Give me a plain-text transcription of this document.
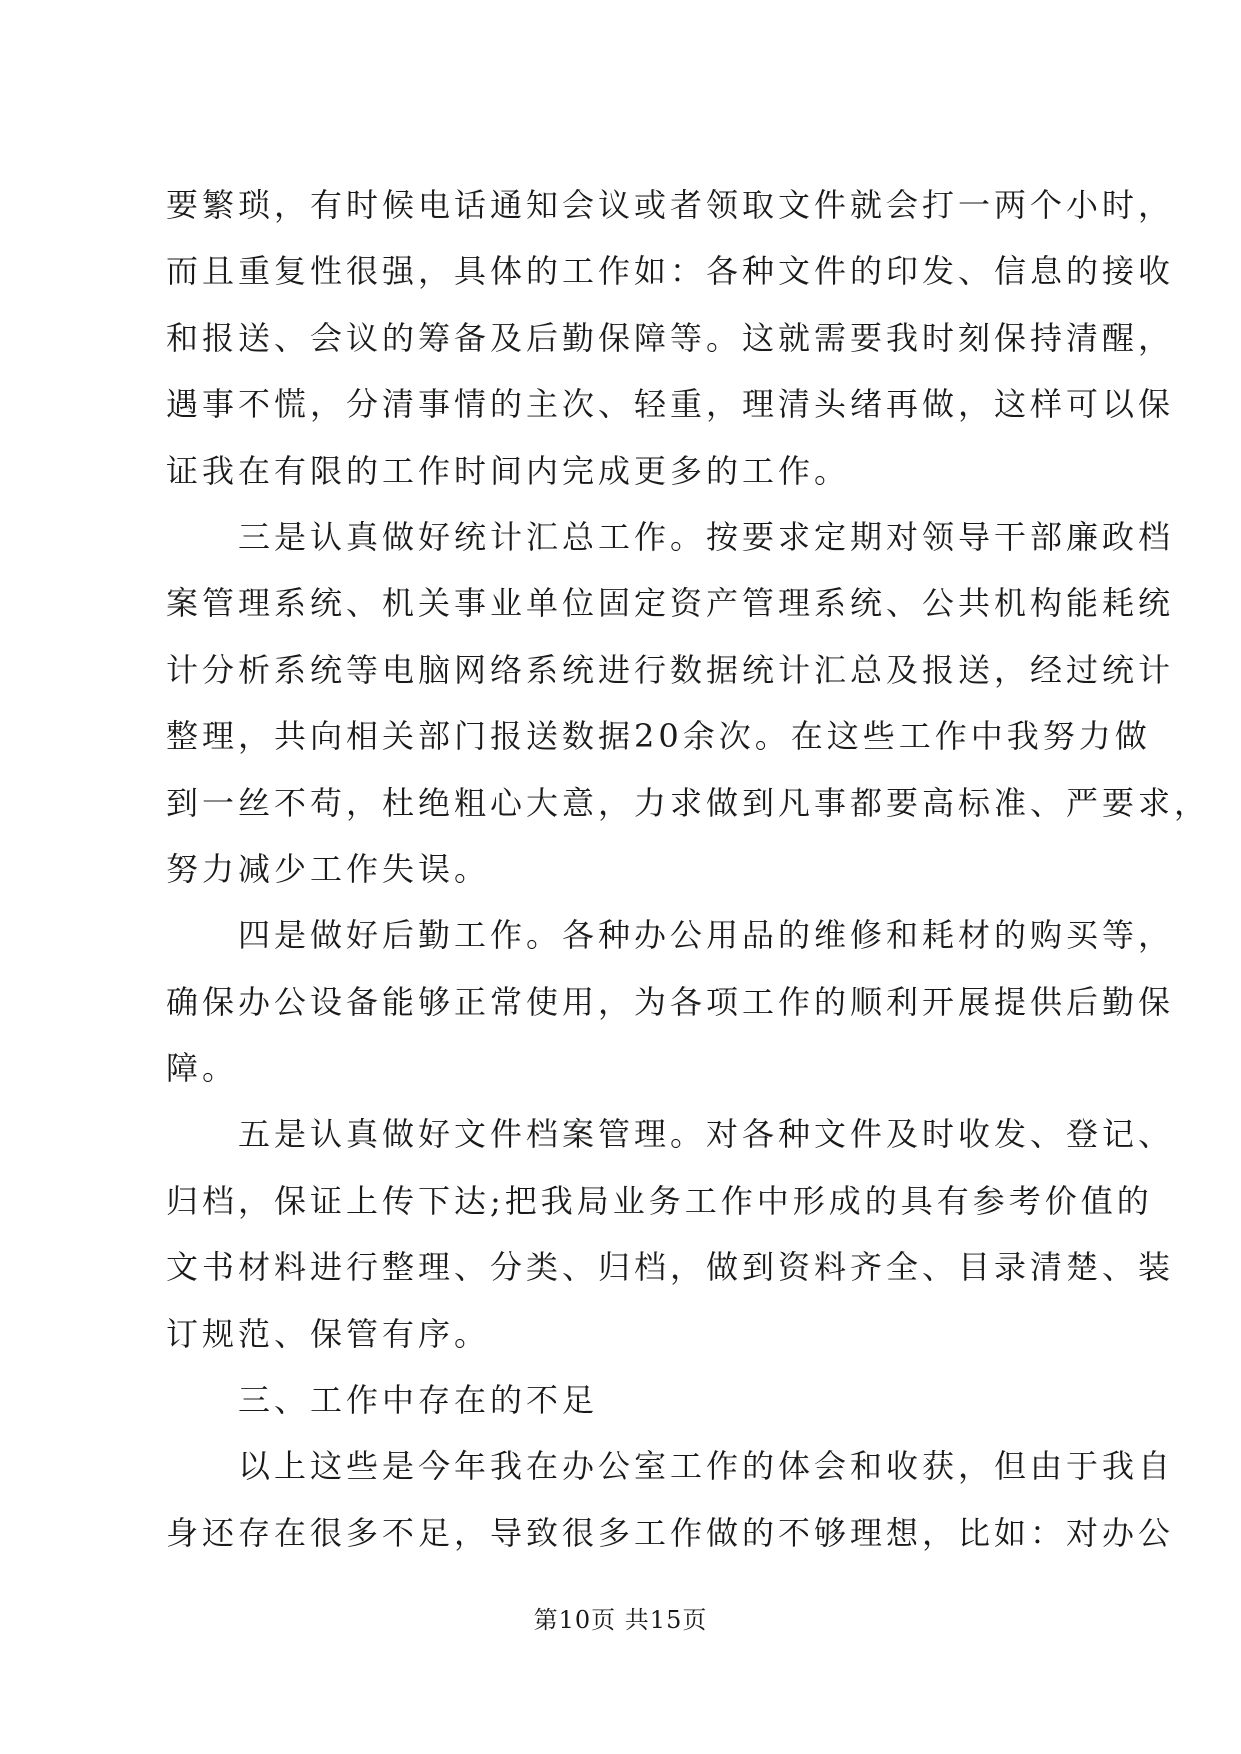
要繁琐，有时候电话通知会议或者领取文件就会打一两个小时，
而且重复性很强，具体的工作如：各种文件的印发、信息的接收
和报送、会议的筹备及后勤保障等。这就需要我时刻保持清醒，
遇事不慌，分清事情的主次、轻重，理清头绪再做，这样可以保
证我在有限的工作时间内完成更多的工作。
三是认真做好统计汇总工作。按要求定期对领导干部廉政档
案管理系统、机关事业单位固定资产管理系统、公共机构能耗统
计分析系统等电脑网络系统进行数据统计汇总及报送，经过统计
整理，共向相关部门报送数据20余次。在这些工作中我努力做
到一丝不苟，杜绝粗心大意，力求做到凡事都要高标准、严要求，
努力减少工作失误。
四是做好后勤工作。各种办公用品的维修和耗材的购买等，
确保办公设备能够正常使用，为各项工作的顺利开展提供后勤保
障。
五是认真做好文件档案管理。对各种文件及时收发、登记、
归档，保证上传下达;把我局业务工作中形成的具有参考价值的
文书材料进行整理、分类、归档，做到资料齐全、目录清楚、装
订规范、保管有序。
三、工作中存在的不足
以上这些是今年我在办公室工作的体会和收获，但由于我自
身还存在很多不足，导致很多工作做的不够理想，比如：对办公
第10页 共15页
